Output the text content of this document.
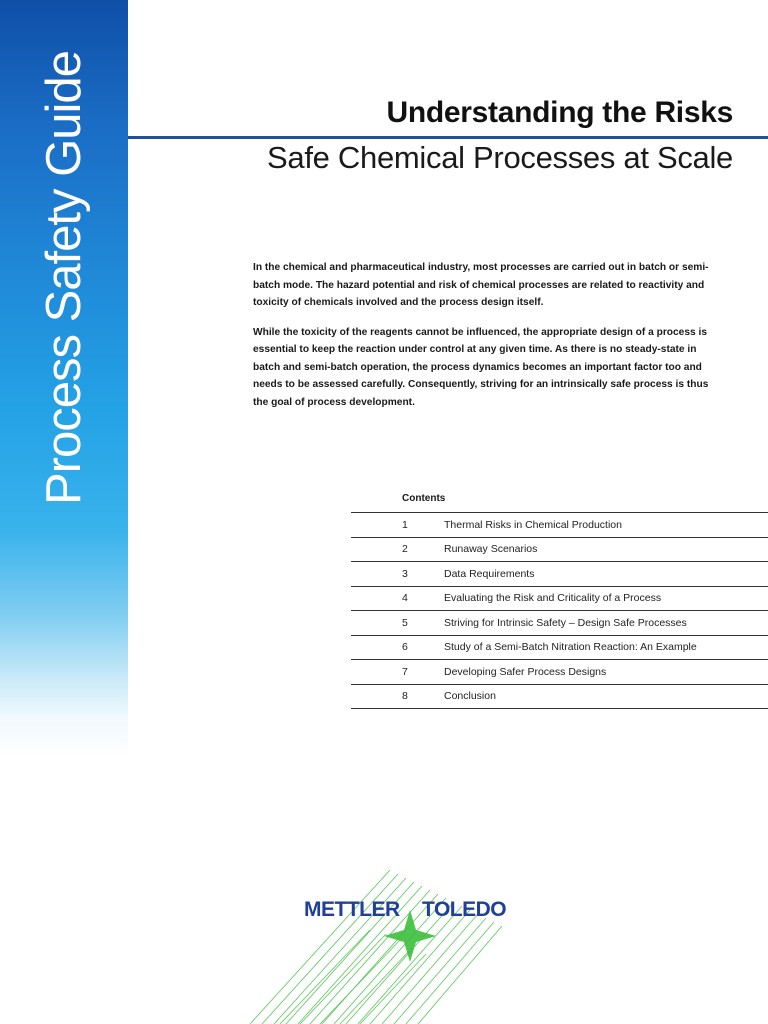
Process Safety Guide	Understanding the Risks
Safe Chemical Processes at Scale

In the chemical and pharmaceutical industry, most processes are carried out in batch or semi-batch mode. The hazard potential and risk of chemical processes are related to reactivity and toxicity of chemicals involved and the process design itself.

While the toxicity of the reagents cannot be influenced, the appropriate design of a process is essential to keep the reaction under control at any given time. As there is no steady-state in batch and semi-batch operation, the process dynamics becomes an important factor too and needs to be assessed carefully. Consequently, striving for an intrinsically safe process is thus the goal of process development.

Contents
1	Thermal Risks in Chemical Production
2	Runaway Scenarios
3	Data Requirements
4	Evaluating the Risk and Criticality of a Process
5	Striving for Intrinsic Safety – Design Safe Processes
6	Study of a Semi-Batch Nitration Reaction: An Example
7	Developing Safer Process Designs
8	Conclusion
METTLER TOLEDO
